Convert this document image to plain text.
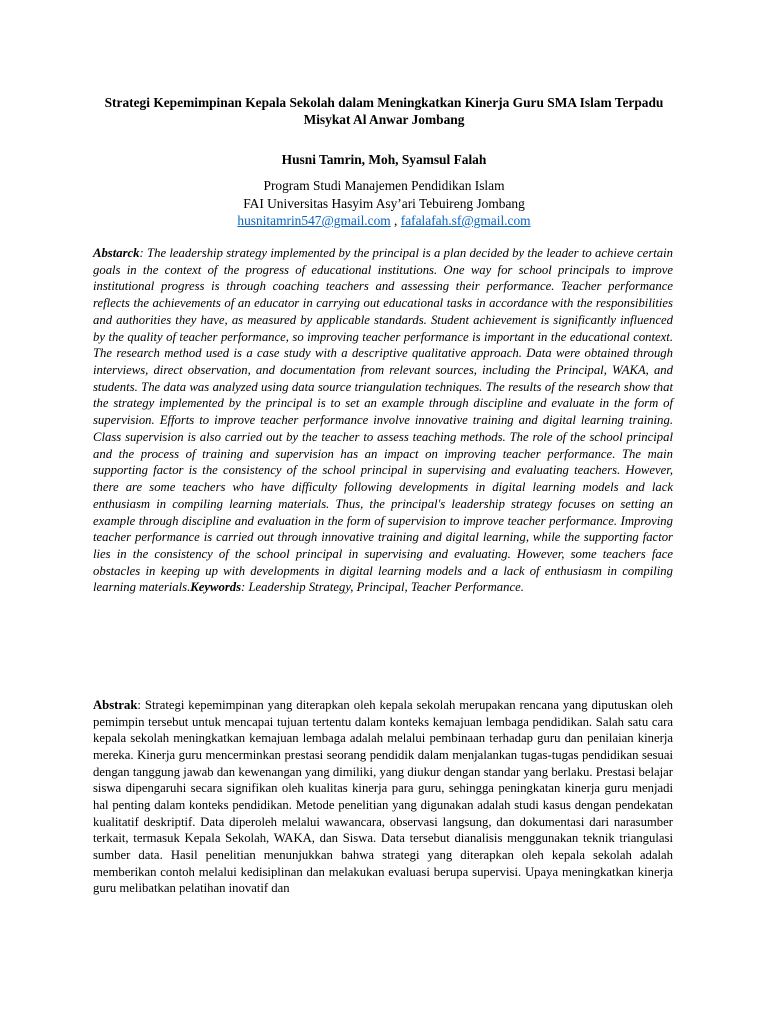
Strategi Kepemimpinan Kepala Sekolah dalam Meningkatkan Kinerja Guru SMA Islam Terpadu Misykat Al Anwar Jombang
Husni Tamrin, Moh, Syamsul Falah
Program Studi Manajemen Pendidikan Islam
FAI Universitas Hasyim Asy’ari Tebuireng Jombang
husnitamrin547@gmail.com , fafalafah.sf@gmail.com
Abstarck: The leadership strategy implemented by the principal is a plan decided by the leader to achieve certain goals in the context of the progress of educational institutions. One way for school principals to improve institutional progress is through coaching teachers and assessing their performance. Teacher performance reflects the achievements of an educator in carrying out educational tasks in accordance with the responsibilities and authorities they have, as measured by applicable standards. Student achievement is significantly influenced by the quality of teacher performance, so improving teacher performance is important in the educational context. The research method used is a case study with a descriptive qualitative approach. Data were obtained through interviews, direct observation, and documentation from relevant sources, including the Principal, WAKA, and students. The data was analyzed using data source triangulation techniques. The results of the research show that the strategy implemented by the principal is to set an example through discipline and evaluate in the form of supervision. Efforts to improve teacher performance involve innovative training and digital learning training. Class supervision is also carried out by the teacher to assess teaching methods. The role of the school principal and the process of training and supervision has an impact on improving teacher performance. The main supporting factor is the consistency of the school principal in supervising and evaluating teachers. However, there are some teachers who have difficulty following developments in digital learning models and lack enthusiasm in compiling learning materials. Thus, the principal's leadership strategy focuses on setting an example through discipline and evaluation in the form of supervision to improve teacher performance. Improving teacher performance is carried out through innovative training and digital learning, while the supporting factor lies in the consistency of the school principal in supervising and evaluating. However, some teachers face obstacles in keeping up with developments in digital learning models and a lack of enthusiasm in compiling learning materials.Keywords: Leadership Strategy, Principal, Teacher Performance.
Abstrak: Strategi kepemimpinan yang diterapkan oleh kepala sekolah merupakan rencana yang diputuskan oleh pemimpin tersebut untuk mencapai tujuan tertentu dalam konteks kemajuan lembaga pendidikan. Salah satu cara kepala sekolah meningkatkan kemajuan lembaga adalah melalui pembinaan terhadap guru dan penilaian kinerja mereka. Kinerja guru mencerminkan prestasi seorang pendidik dalam menjalankan tugas-tugas pendidikan sesuai dengan tanggung jawab dan kewenangan yang dimiliki, yang diukur dengan standar yang berlaku. Prestasi belajar siswa dipengaruhi secara signifikan oleh kualitas kinerja para guru, sehingga peningkatan kinerja guru menjadi hal penting dalam konteks pendidikan. Metode penelitian yang digunakan adalah studi kasus dengan pendekatan kualitatif deskriptif. Data diperoleh melalui wawancara, observasi langsung, dan dokumentasi dari narasumber terkait, termasuk Kepala Sekolah, WAKA, dan Siswa. Data tersebut dianalisis menggunakan teknik triangulasi sumber data. Hasil penelitian menunjukkan bahwa strategi yang diterapkan oleh kepala sekolah adalah memberikan contoh melalui kedisiplinan dan melakukan evaluasi berupa supervisi. Upaya meningkatkan kinerja guru melibatkan pelatihan inovatif dan
